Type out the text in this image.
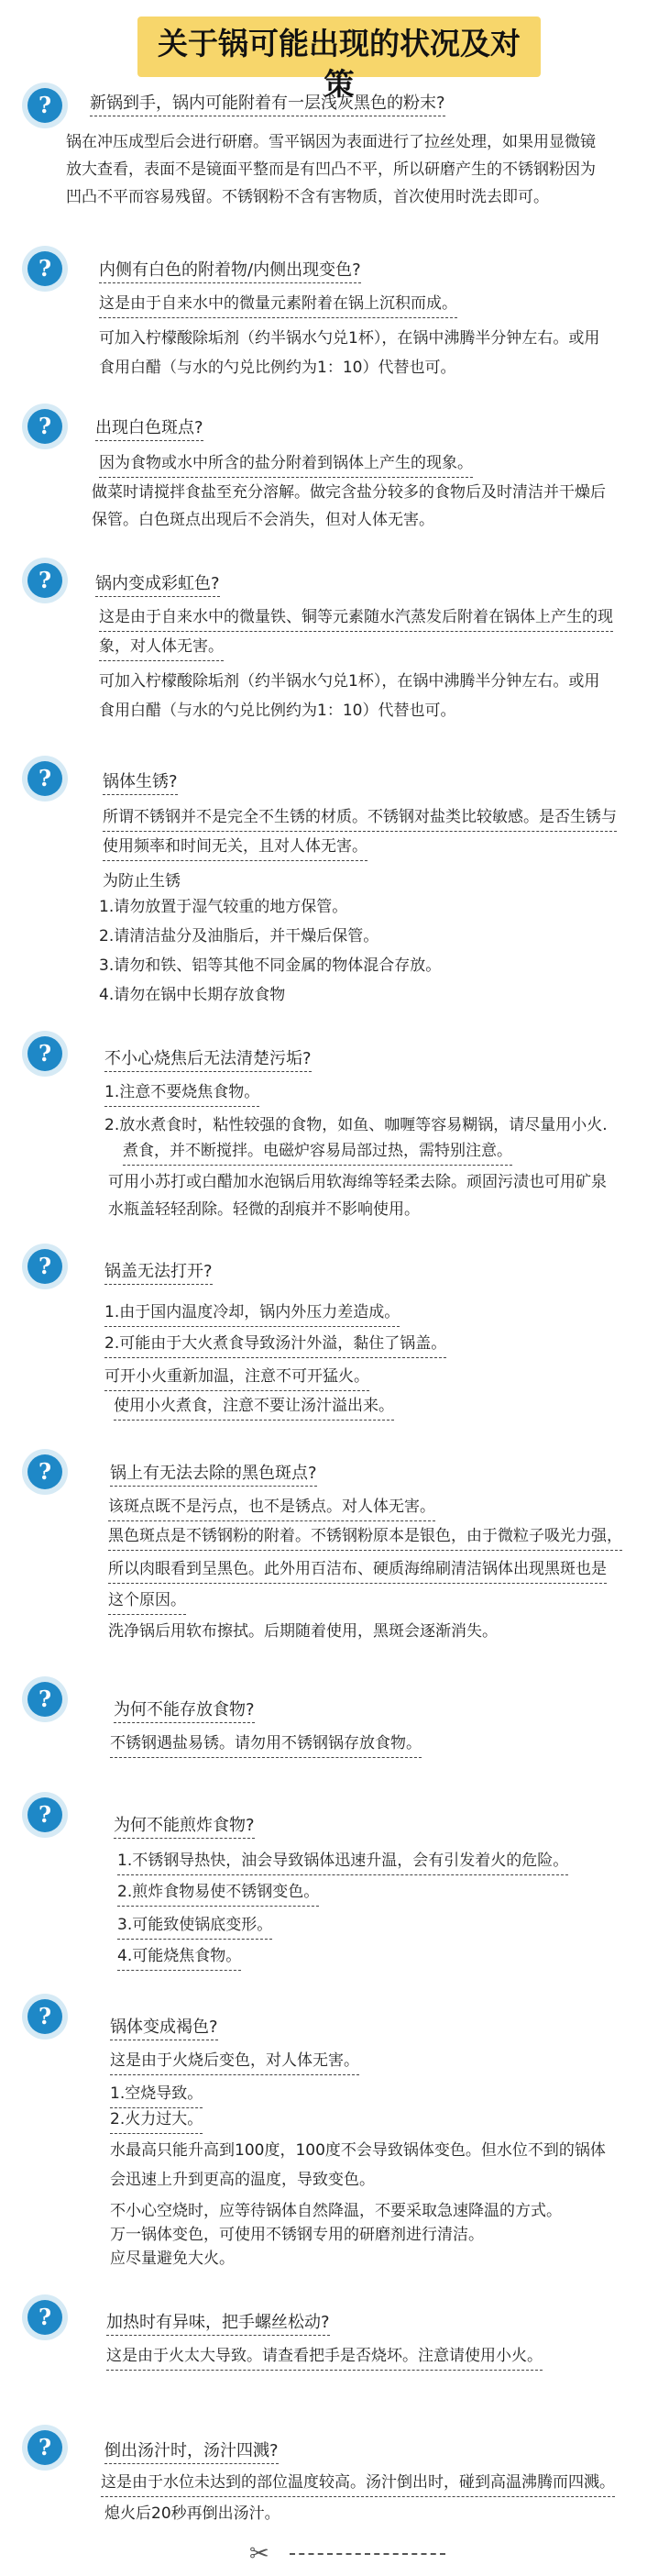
关于锅可能出现的状况及对策
?	新锅到手，锅内可能附着有一层浅灰黑色的粉末?
锅在冲压成型后会进行研磨。雪平锅因为表面进行了拉丝处理，如果用显微镜
放大查看，表面不是镜面平整而是有凹凸不平，所以研磨产生的不锈钢粉因为
凹凸不平而容易残留。不锈钢粉不含有害物质，首次使用时洗去即可。
?	内侧有白色的附着物/内侧出现变色?
这是由于自来水中的微量元素附着在锅上沉积而成。
可加入柠檬酸除垢剂（约半锅水勺兑1杯），在锅中沸腾半分钟左右。或用
食用白醋（与水的勺兑比例约为1：10）代替也可。
?	出现白色斑点?
因为食物或水中所含的盐分附着到锅体上产生的现象。
做菜时请搅拌食盐至充分溶解。做完含盐分较多的食物后及时清洁并干燥后
保管。白色斑点出现后不会消失，但对人体无害。
?	锅内变成彩虹色?
这是由于自来水中的微量铁、铜等元素随水汽蒸发后附着在锅体上产生的现
象，对人体无害。
可加入柠檬酸除垢剂（约半锅水勺兑1杯），在锅中沸腾半分钟左右。或用
食用白醋（与水的勺兑比例约为1：10）代替也可。
?	锅体生锈?
所谓不锈钢并不是完全不生锈的材质。不锈钢对盐类比较敏感。是否生锈与
使用频率和时间无关，且对人体无害。
为防止生锈
1.请勿放置于湿气较重的地方保管。
2.请清洁盐分及油脂后，并干燥后保管。
3.请勿和铁、铝等其他不同金属的物体混合存放。
4.请勿在锅中长期存放食物
?	不小心烧焦后无法清楚污垢?
1.注意不要烧焦食物。
2.放水煮食时，粘性较强的食物，如鱼、咖喱等容易糊锅，请尽量用小火.
煮食，并不断搅拌。电磁炉容易局部过热，需特别注意。
可用小苏打或白醋加水泡锅后用软海绵等轻柔去除。顽固污渍也可用矿泉
水瓶盖轻轻刮除。轻微的刮痕并不影响使用。
?	锅盖无法打开?
1.由于国内温度冷却，锅内外压力差造成。
2.可能由于大火煮食导致汤汁外溢，黏住了锅盖。
可开小火重新加温，注意不可开猛火。
使用小火煮食，注意不要让汤汁溢出来。
?	锅上有无法去除的黑色斑点?
该斑点既不是污点，也不是锈点。对人体无害。
黑色斑点是不锈钢粉的附着。不锈钢粉原本是银色，由于微粒子吸光力强，
所以肉眼看到呈黑色。此外用百洁布、硬质海绵刷清洁锅体出现黑斑也是
这个原因。
洗净锅后用软布擦拭。后期随着使用，黑斑会逐渐消失。
?	为何不能存放食物?
不锈钢遇盐易锈。请勿用不锈钢锅存放食物。
?	为何不能煎炸食物?
1.不锈钢导热快，油会导致锅体迅速升温，会有引发着火的危险。
2.煎炸食物易使不锈钢变色。
3.可能致使锅底变形。
4.可能烧焦食物。
?	锅体变成褐色?
这是由于火烧后变色，对人体无害。
1.空烧导致。
2.火力过大。
水最高只能升高到100度，100度不会导致锅体变色。但水位不到的锅体
会迅速上升到更高的温度，导致变色。
不小心空烧时，应等待锅体自然降温，不要采取急速降温的方式。
万一锅体变色，可使用不锈钢专用的研磨剂进行清洁。
应尽量避免大火。
?	加热时有异味，把手螺丝松动?
这是由于火太大导致。请查看把手是否烧坏。注意请使用小火。
?	倒出汤汁时，汤汁四溅?
这是由于水位未达到的部位温度较高。汤汁倒出时，碰到高温沸腾而四溅。
熄火后20秒再倒出汤汁。
✂
